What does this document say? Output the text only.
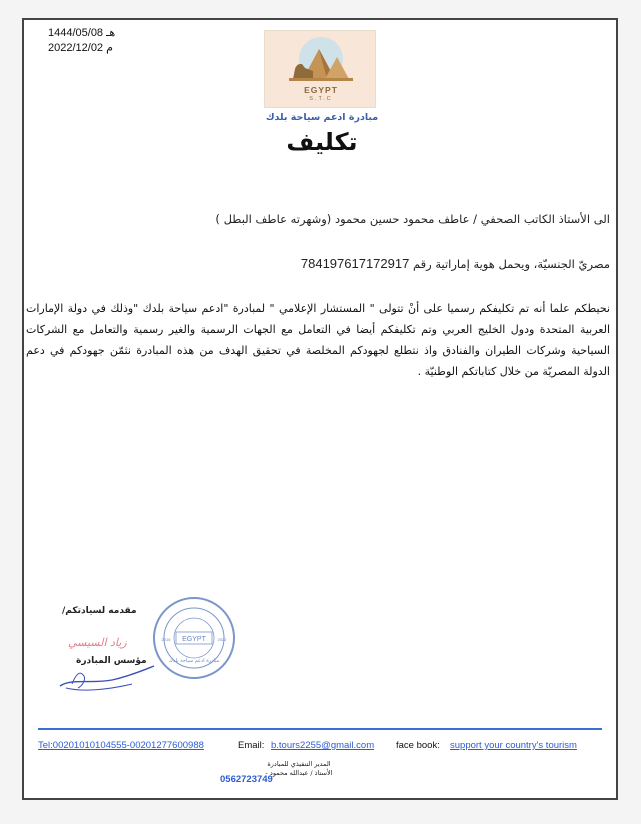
هـ 1444/05/08
م 2022/12/02
EGYPT
S.T.C
مبادرة ادعم سياحة بلدك
تكليف
الى الأستاذ الكاتب الصحفي / عاطف محمود حسين محمود (وشهرته عاطف البطل )
مصريّ الجنسيّة، ويحمل هوية إماراتية رقم 784197617172917
نحيطكم علما أنه تم تكليفكم رسميا على أنْ تتولى " المستشار الإعلامي " لمبادرة "ادعم سياحة بلدك "وذلك في دولة الإمارات العربية المتحدة ودول الخليج العربي وتم تكليفكم أيضا في التعامل مع الجهات الرسمية والغير رسمية والتعامل مع الشركات السياحية وشركات الطيران والفنادق واذ نتطلع لجهودكم المخلصة في تحقيق الهدف من هذه المبادرة نثمّن جهودكم في دعم الدولة المصريّة من خلال كتاباتكم الوطنيّة .
مقدمه لسيادتكم/
زياد السيسي
مؤسس المبادرة
EGYPT
2016	2022
مبادرة ادعم سياحة بلدك
Tel:00201010104555-00201277600988	Email: b.tours2255@gmail.com face book: support your country's tourism
المدير التنفيذي للمبادرة
الأستاذ / عبدالله محمود -
0562723749
